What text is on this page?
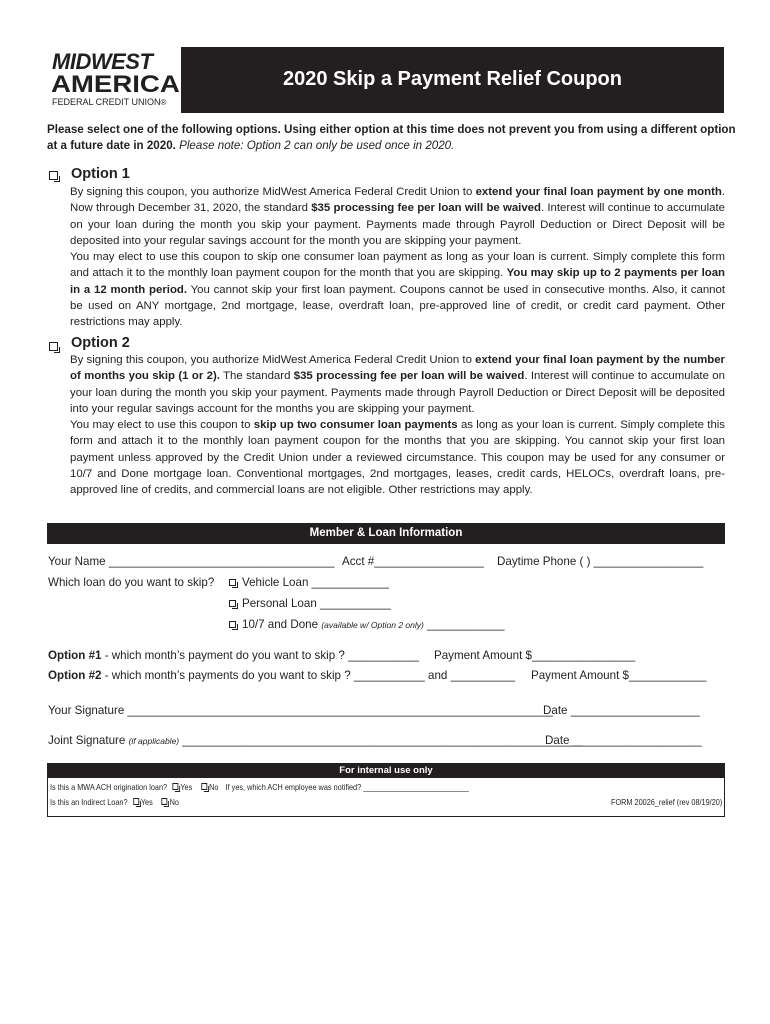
MIDWEST
AMERICA
FEDERAL CREDIT UNION®
2020 Skip a Payment Relief Coupon
Please select one of the following options. Using either option at this time does not prevent you from using a different option at a future date in 2020. Please note: Option 2 can only be used once in 2020.
Option 1
By signing this coupon, you authorize MidWest America Federal Credit Union to extend your final loan payment by one month. Now through December 31, 2020, the standard $35 processing fee per loan will be waived. Interest will continue to accumulate on your loan during the month you skip your payment. Payments made through Payroll Deduction or Direct Deposit will be deposited into your regular savings account for the month you are skipping your payment.
You may elect to use this coupon to skip one consumer loan payment as long as your loan is current. Simply complete this form and attach it to the monthly loan payment coupon for the month that you are skipping. You may skip up to 2 payments per loan in a 12 month period. You cannot skip your first loan payment. Coupons cannot be used in consecutive months. Also, it cannot be used on ANY mortgage, 2nd mortgage, lease, overdraft loan, pre-approved line of credit, or credit card payment. Other restrictions may apply.
Option 2
By signing this coupon, you authorize MidWest America Federal Credit Union to extend your final loan payment by the number of months you skip (1 or 2). The standard $35 processing fee per loan will be waived. Interest will continue to accumulate on your loan during the month you skip your payment. Payments made through Payroll Deduction or Direct Deposit will be deposited into your regular savings account for the months you are skipping your payment.
You may elect to use this coupon to skip up two consumer loan payments as long as your loan is current. Simply complete this form and attach it to the monthly loan payment coupon for the months that you are skipping. You cannot skip your first loan payment unless approved by the Credit Union under a reviewed circumstance. This coupon may be used for any consumer or 10/7 and Done mortgage loan. Conventional mortgages, 2nd mortgages, leases, credit cards, HELOCs, overdraft loans, pre-approved line of credits, and commercial loans are not eligible. Other restrictions may apply.
Member & Loan Information
Your Name ___________________________________ Acct #_________________ Daytime Phone ( ) _________________
Which loan do you want to skip?	Vehicle Loan ____________
Personal Loan ___________
10/7 and Done (available w/ Option 2 only) ____________
Option #1 - which month’s payment do you want to skip ? ___________ Payment Amount $________________
Option #2 - which month’s payments do you want to skip ? ___________ and __________ Payment Amount $____________
Your Signature __________________________________________________________________
Date ____________________
Joint Signature (if applicable) ______________________________________________________________
Date ____________________
For internal use only
Is this a MWA ACH origination loan? Yes No If yes, which ACH employee was notified? __________________________
Is this an Indirect Loan? Yes No	FORM 20026_relief (rev 08/19/20)
